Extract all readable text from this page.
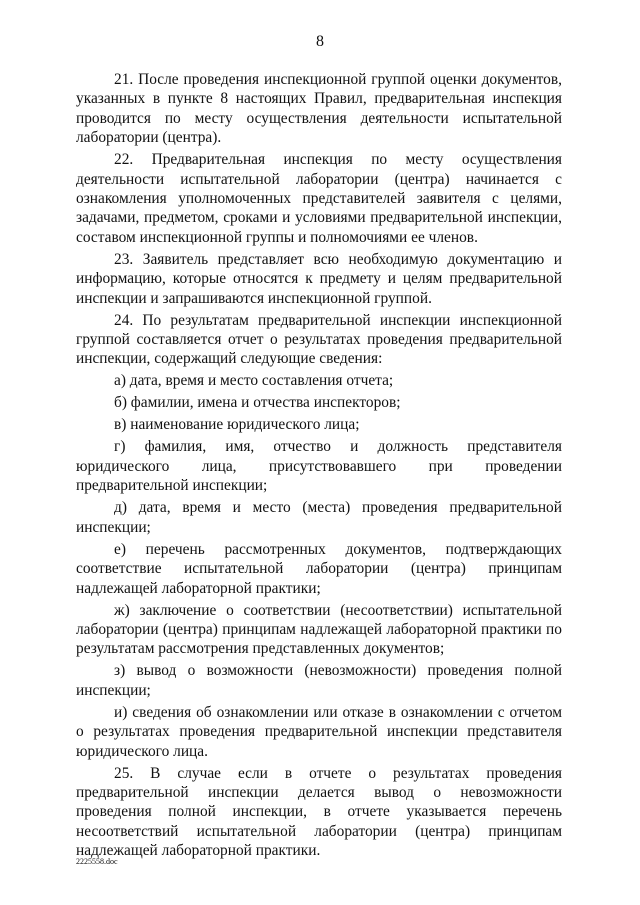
8

21. После проведения инспекционной группой оценки документов, указанных в пункте 8 настоящих Правил, предварительная инспекция проводится по месту осуществления деятельности испытательной лаборатории (центра).

22. Предварительная инспекция по месту осуществления деятельности испытательной лаборатории (центра) начинается с ознакомления уполномоченных представителей заявителя с целями, задачами, предметом, сроками и условиями предварительной инспекции, составом инспекционной группы и полномочиями ее членов.

23. Заявитель представляет всю необходимую документацию и информацию, которые относятся к предмету и целям предварительной инспекции и запрашиваются инспекционной группой.

24. По результатам предварительной инспекции инспекционной группой составляется отчет о результатах проведения предварительной инспекции, содержащий следующие сведения:

а) дата, время и место составления отчета;

б) фамилии, имена и отчества инспекторов;

в) наименование юридического лица;

г) фамилия, имя, отчество и должность представителя юридического лица, присутствовавшего при проведении предварительной инспекции;

д) дата, время и место (места) проведения предварительной инспекции;

е) перечень рассмотренных документов, подтверждающих соответствие испытательной лаборатории (центра) принципам надлежащей лабораторной практики;

ж) заключение о соответствии (несоответствии) испытательной лаборатории (центра) принципам надлежащей лабораторной практики по результатам рассмотрения представленных документов;

з) вывод о возможности (невозможности) проведения полной инспекции;

и) сведения об ознакомлении или отказе в ознакомлении с отчетом о результатах проведения предварительной инспекции представителя юридического лица.

25. В случае если в отчете о результатах проведения предварительной инспекции делается вывод о невозможности проведения полной инспекции, в отчете указывается перечень несоответствий испытательной лаборатории (центра) принципам надлежащей лабораторной практики.

2225558.doc
